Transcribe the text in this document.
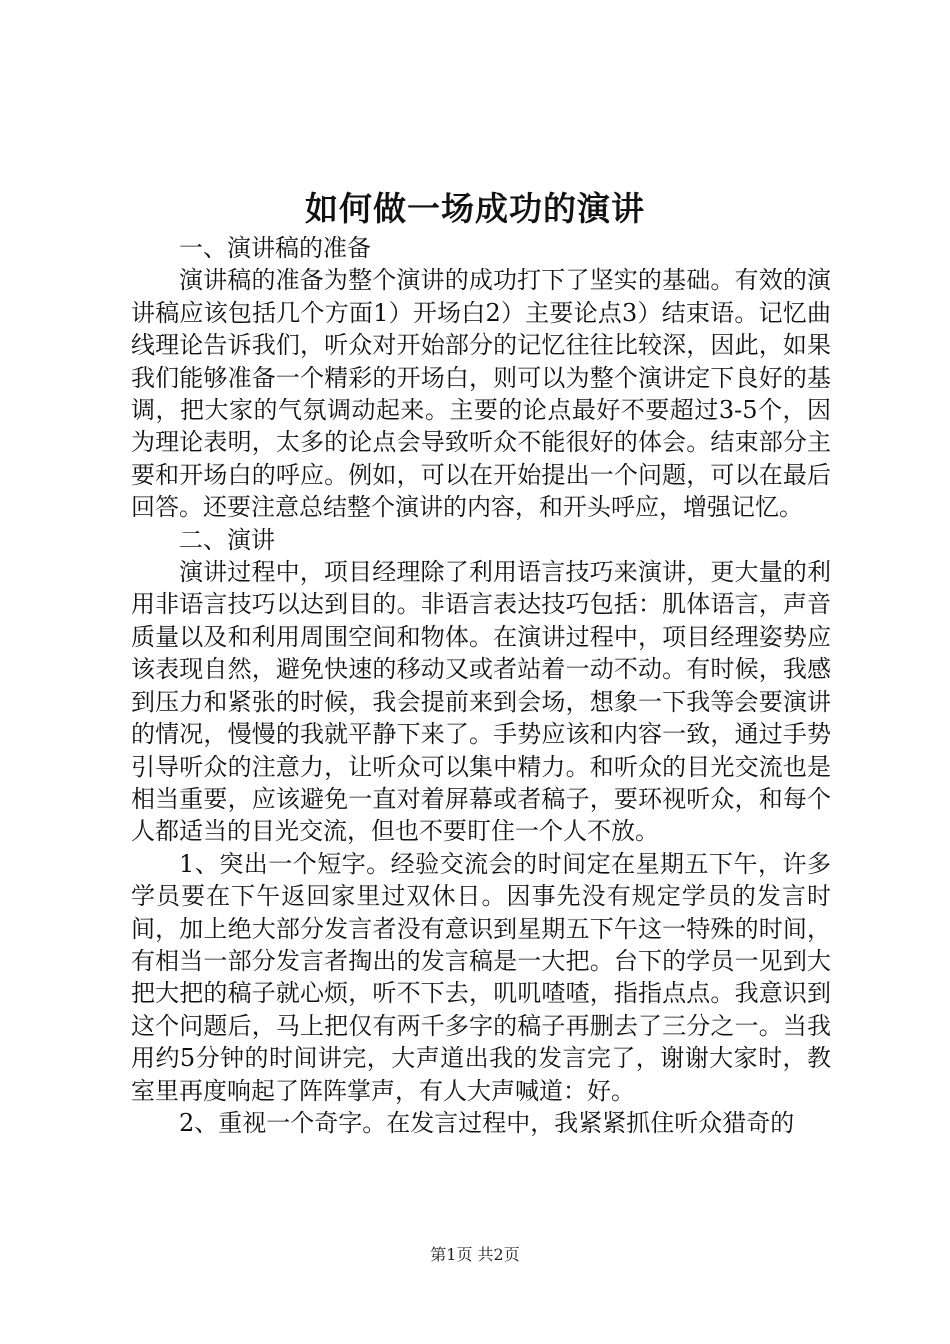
如何做一场成功的演讲

一、演讲稿的准备

演讲稿的准备为整个演讲的成功打下了坚实的基础。有效的演讲稿应该包括几个方面1）开场白2）主要论点3）结束语。记忆曲线理论告诉我们，听众对开始部分的记忆往往比较深，因此，如果我们能够准备一个精彩的开场白，则可以为整个演讲定下良好的基调，把大家的气氛调动起来。主要的论点最好不要超过3-5个，因为理论表明，太多的论点会导致听众不能很好的体会。结束部分主要和开场白的呼应。例如，可以在开始提出一个问题，可以在最后回答。还要注意总结整个演讲的内容，和开头呼应，增强记忆。

二、演讲

演讲过程中，项目经理除了利用语言技巧来演讲，更大量的利用非语言技巧以达到目的。非语言表达技巧包括：肌体语言，声音质量以及和利用周围空间和物体。在演讲过程中，项目经理姿势应该表现自然，避免快速的移动又或者站着一动不动。有时候，我感到压力和紧张的时候，我会提前来到会场，想象一下我等会要演讲的情况，慢慢的我就平静下来了。手势应该和内容一致，通过手势引导听众的注意力，让听众可以集中精力。和听众的目光交流也是相当重要，应该避免一直对着屏幕或者稿子，要环视听众，和每个人都适当的目光交流，但也不要盯住一个人不放。

1、突出一个短字。经验交流会的时间定在星期五下午，许多学员要在下午返回家里过双休日。因事先没有规定学员的发言时间，加上绝大部分发言者没有意识到星期五下午这一特殊的时间，有相当一部分发言者掏出的发言稿是一大把。台下的学员一见到大把大把的稿子就心烦，听不下去，叽叽喳喳，指指点点。我意识到这个问题后，马上把仅有两千多字的稿子再删去了三分之一。当我用约5分钟的时间讲完，大声道出我的发言完了，谢谢大家时，教室里再度响起了阵阵掌声，有人大声喊道：好。

2、重视一个奇字。在发言过程中，我紧紧抓住听众猎奇的

第1页 共2页
